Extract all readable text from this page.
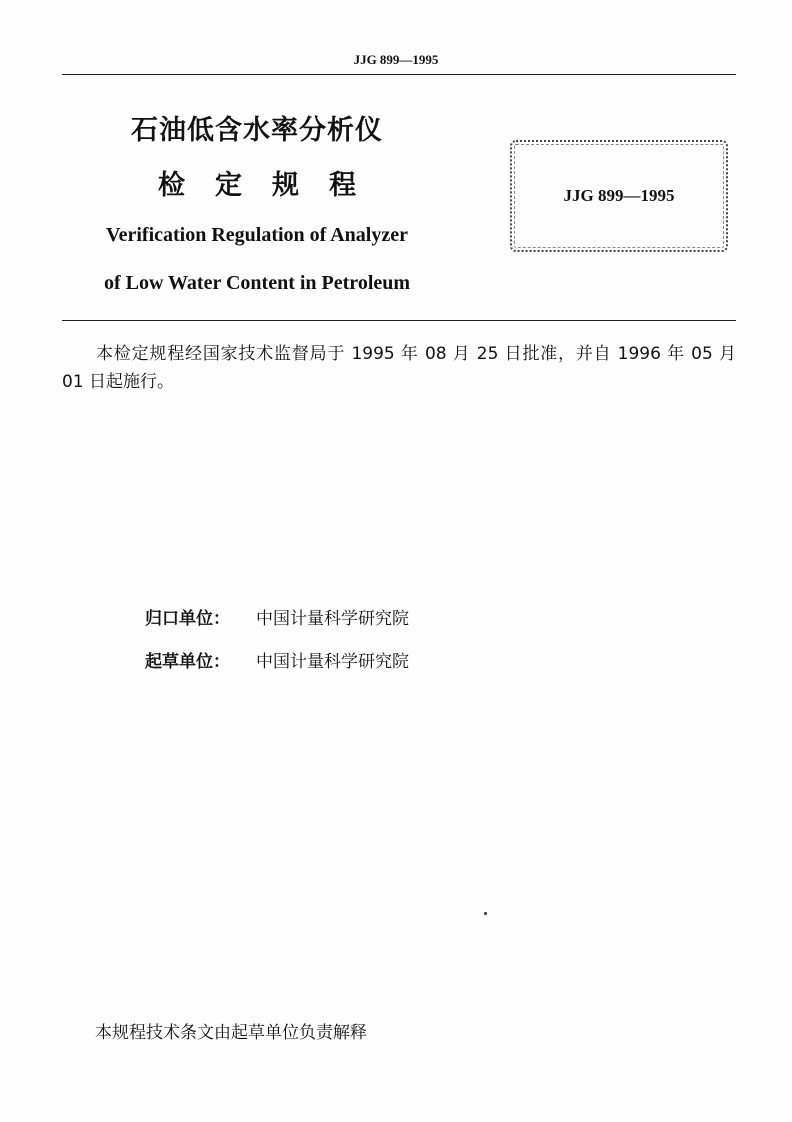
JJG 899—1995
石油低含水率分析仪
检定规程
Verification Regulation of Analyzer
of Low Water Content in Petroleum
JJG 899—1995
本检定规程经国家技术监督局于 1995 年 08 月 25 日批准，并自 1996 年 05 月 01 日起施行。
归口单位： 中国计量科学研究院
起草单位： 中国计量科学研究院
本规程技术条文由起草单位负责解释
